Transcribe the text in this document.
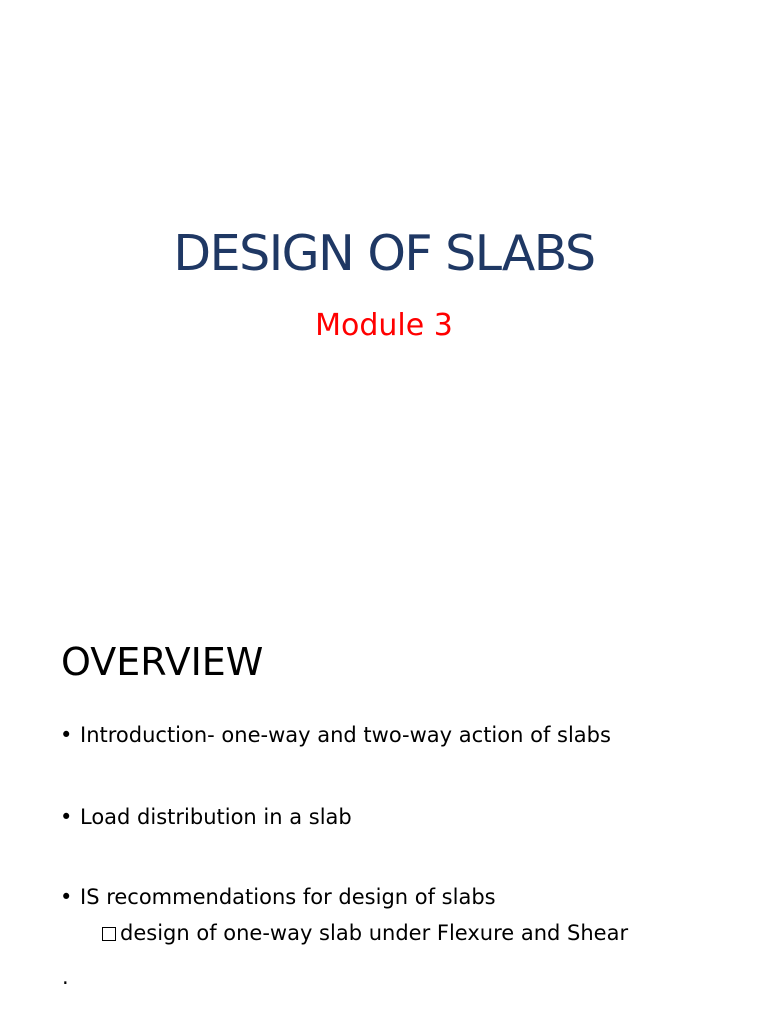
DESIGN OF SLABS
Module 3
OVERVIEW
• Introduction- one-way and two-way action of slabs
• Load distribution in a slab
• IS recommendations for design of slabs
design of one-way slab under Flexure and Shear
.
